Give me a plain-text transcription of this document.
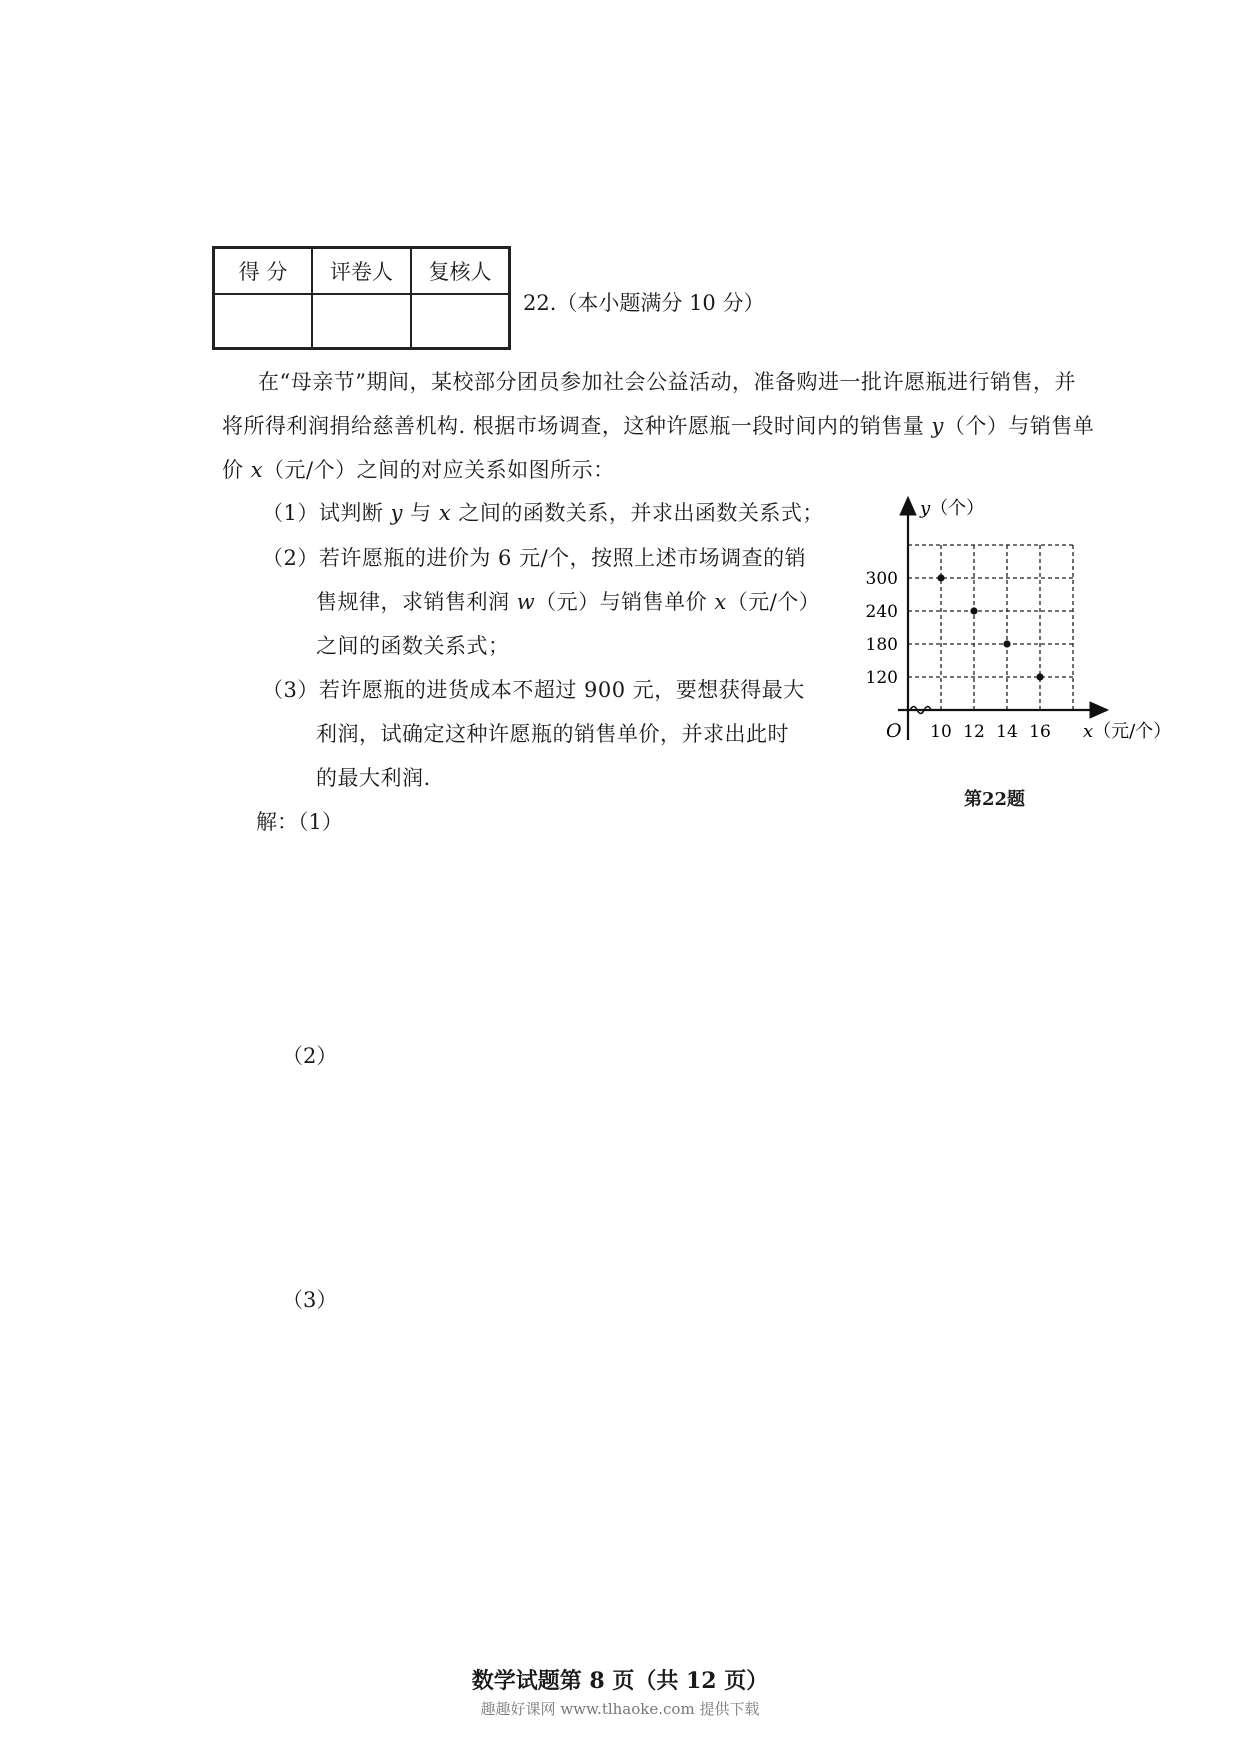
得 分	评卷人	复核人

22.（本小题满分 10 分）
在“母亲节”期间，某校部分团员参加社会公益活动，准备购进一批许愿瓶进行销售，并
将所得利润捐给慈善机构. 根据市场调查，这种许愿瓶一段时间内的销售量 y（个）与销售单
价 x（元/个）之间的对应关系如图所示：
（1）试判断 y 与 x 之间的函数关系，并求出函数关系式；
（2）若许愿瓶的进价为 6 元/个，按照上述市场调查的销
售规律，求销售利润 w（元）与销售单价 x（元/个）
之间的函数关系式；
（3）若许愿瓶的进货成本不超过 900 元，要想获得最大
利润，试确定这种许愿瓶的销售单价，并求出此时
的最大利润.
解：（1）
（2）
（3）
10 12 14 16
120
180
240
300
O
y（个）
x（元/个）
第22题
数学试题第 8 页（共 12 页）
趣趣好课网 www.tlhaoke.com 提供下载
